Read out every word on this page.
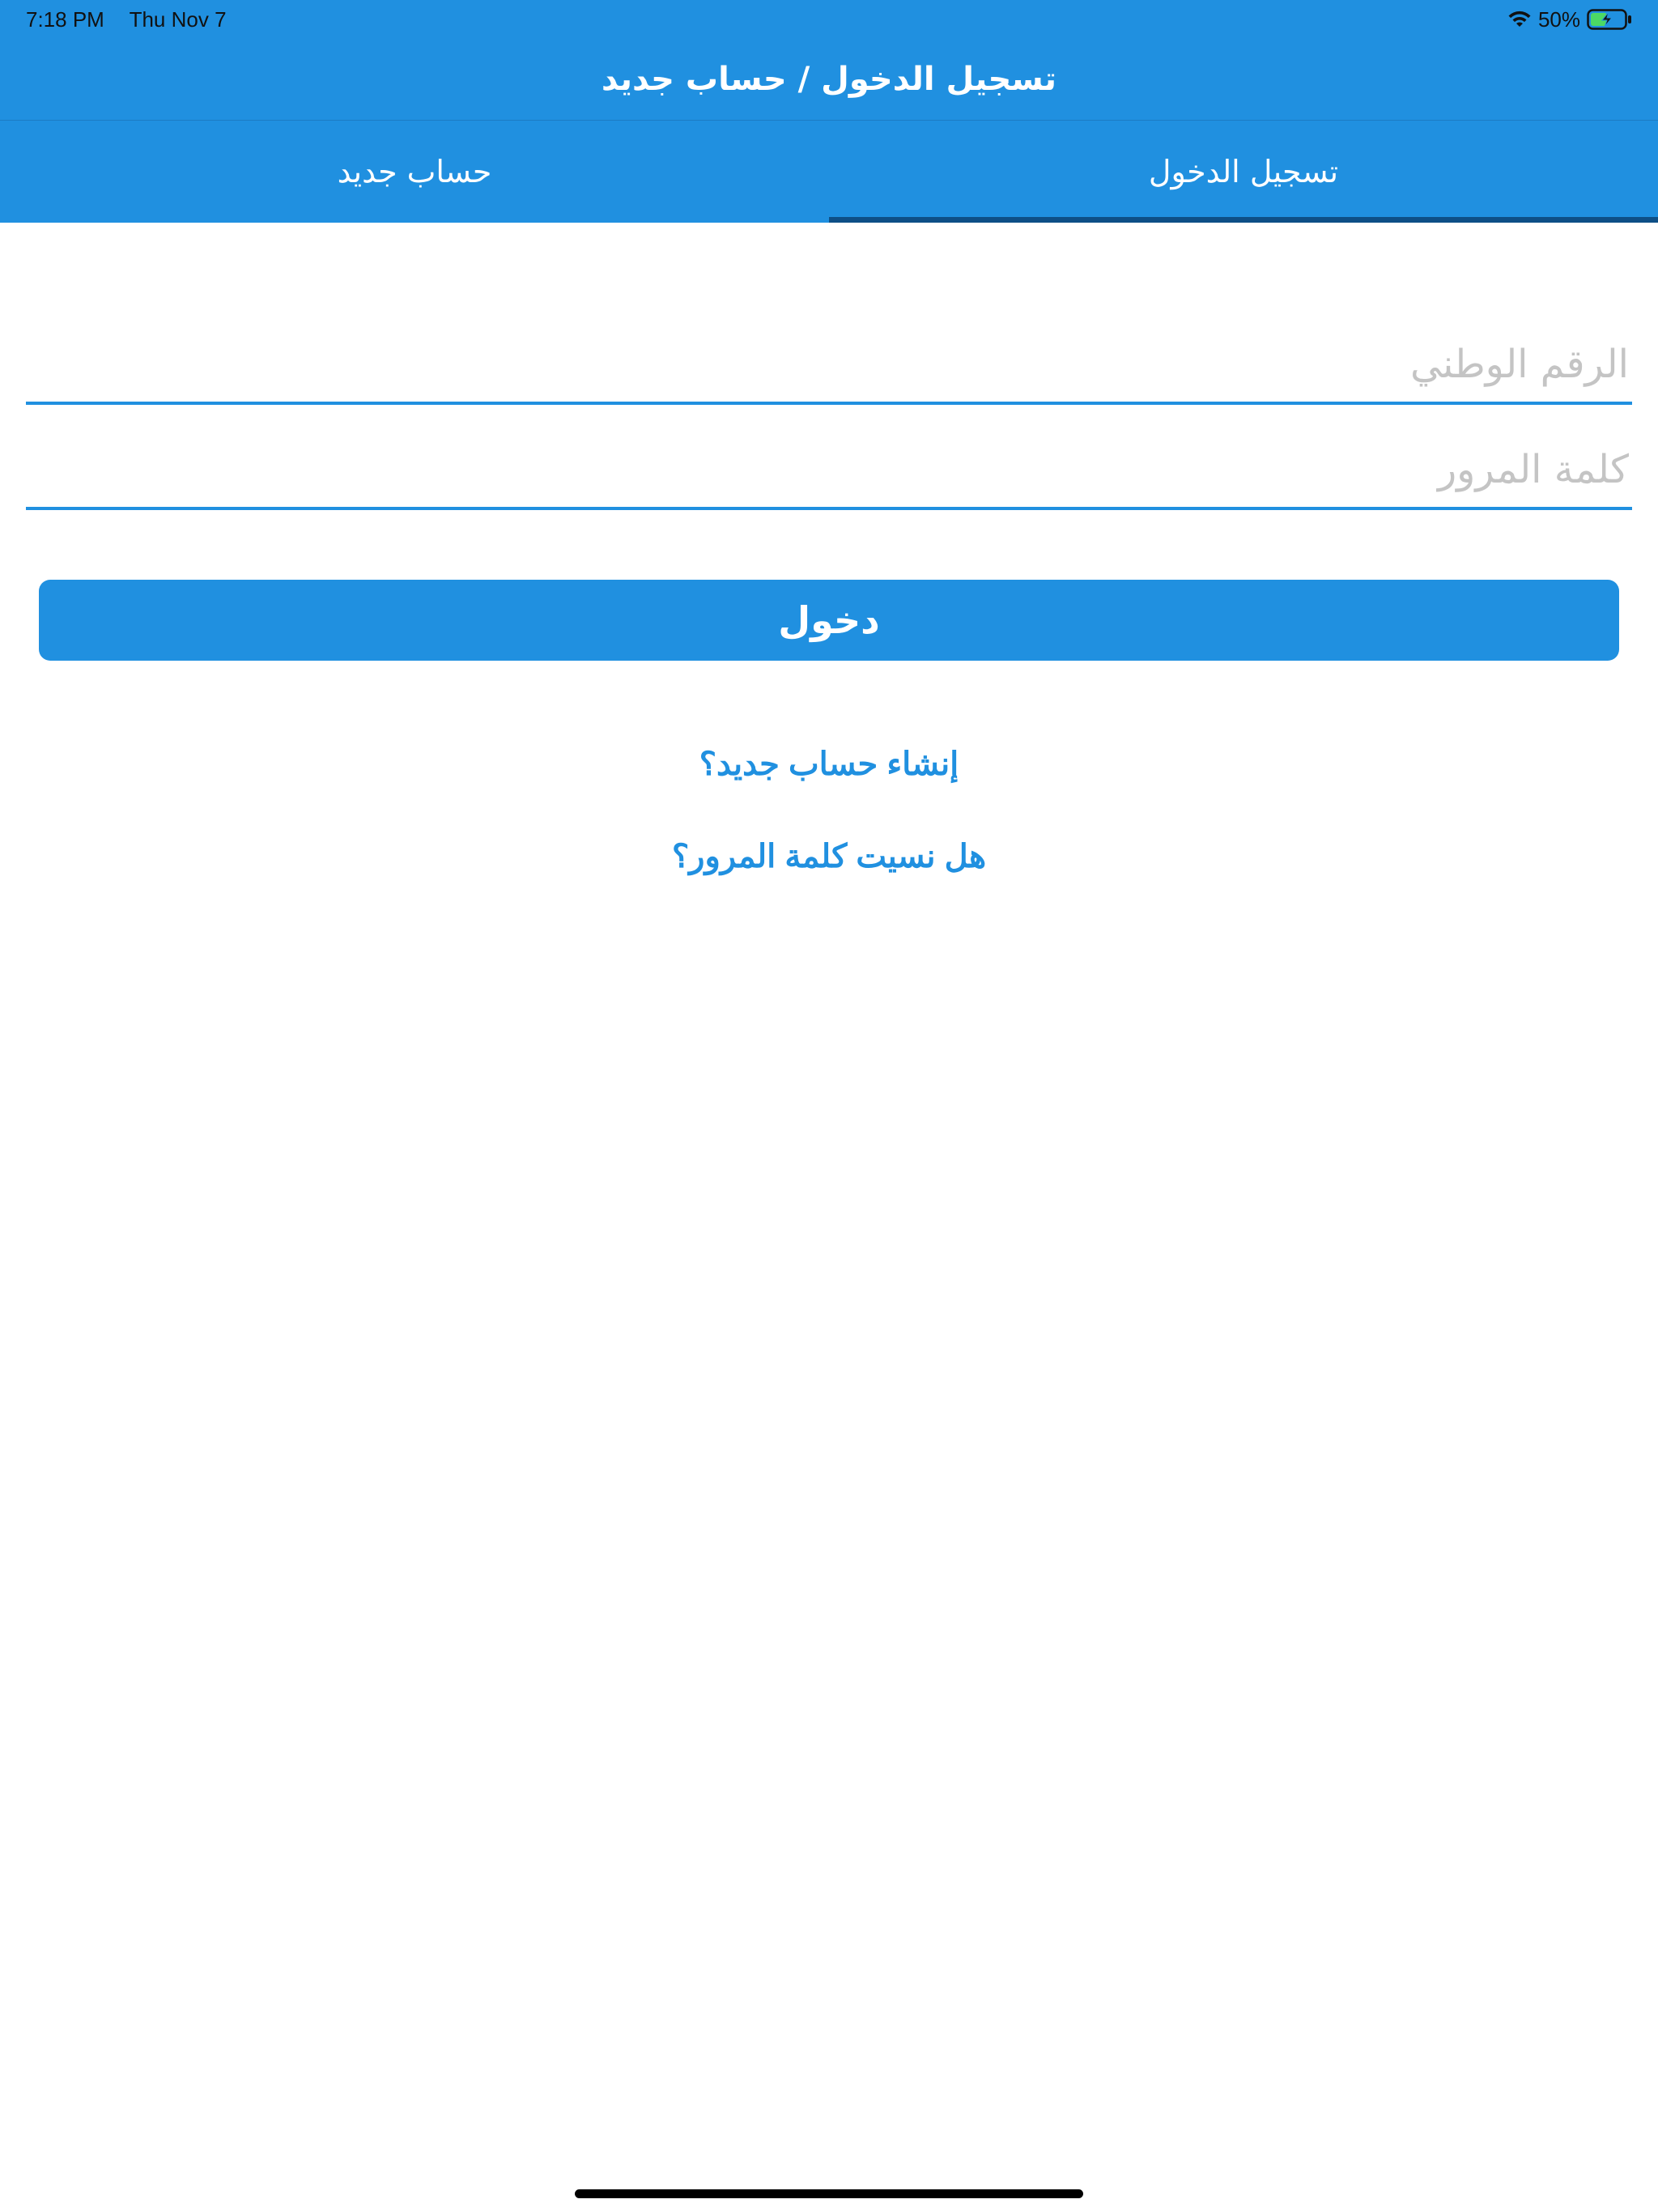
7:18 PM Thu Nov 7	50%
تسجيل الدخول / حساب جديد
تسجيل الدخول
حساب جديد
الرقم الوطني
دخول
إنشاء حساب جديد؟
هل نسيت كلمة المرور؟
